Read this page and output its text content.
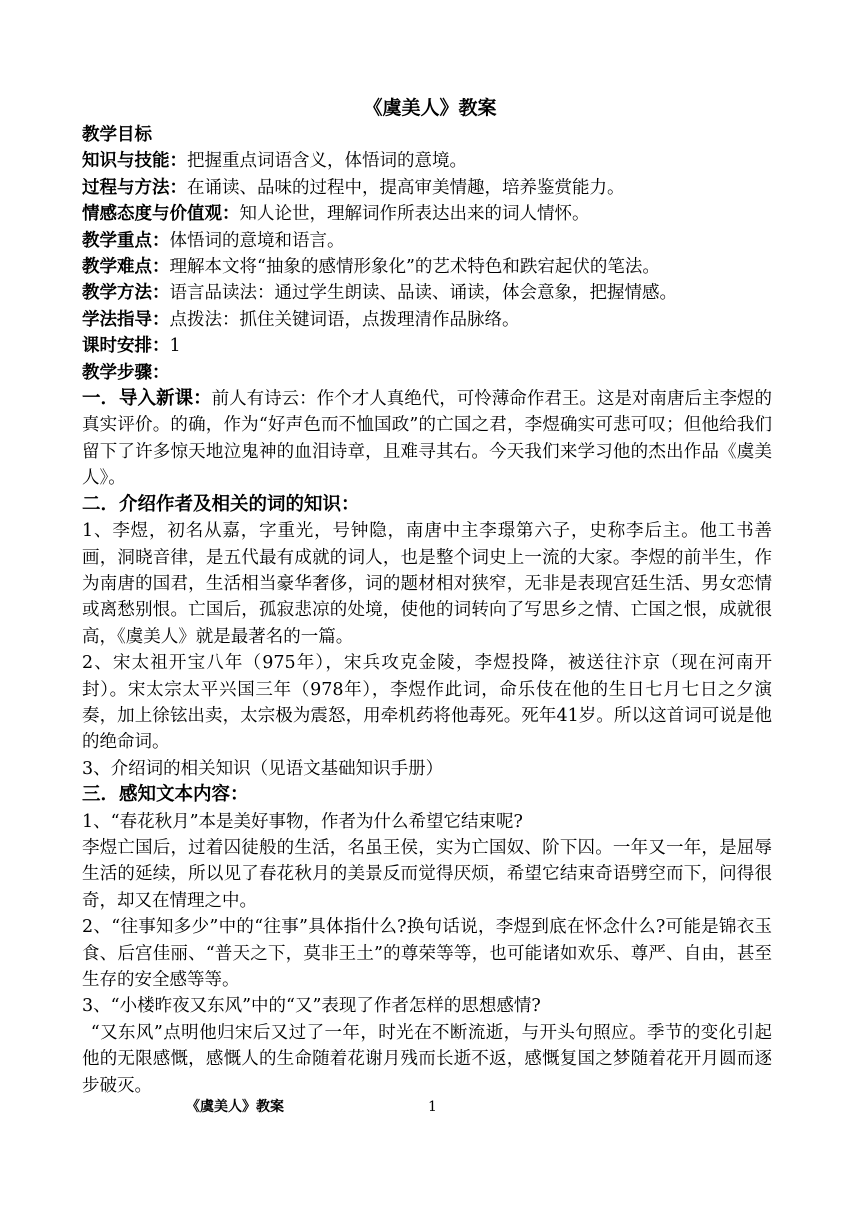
《虞美人》教案

教学目标

知识与技能：把握重点词语含义，体悟词的意境。

过程与方法：在诵读、品味的过程中，提高审美情趣，培养鉴赏能力。

情感态度与价值观：知人论世，理解词作所表达出来的词人情怀。

教学重点：体悟词的意境和语言。

教学难点：理解本文将“抽象的感情形象化”的艺术特色和跌宕起伏的笔法。

教学方法：语言品读法：通过学生朗读、品读、诵读，体会意象，把握情感。

学法指导：点拨法：抓住关键词语，点拨理清作品脉络。

课时安排：1

教学步骤：

一．导入新课：前人有诗云：作个才人真绝代，可怜薄命作君王。这是对南唐后主李煜的真实评价。的确，作为“好声色而不恤国政”的亡国之君，李煜确实可悲可叹；但他给我们留下了许多惊天地泣鬼神的血泪诗章，且难寻其右。今天我们来学习他的杰出作品《虞美人》。

二．介绍作者及相关的词的知识：

1、李煜，初名从嘉，字重光，号钟隐，南唐中主李璟第六子，史称李后主。他工书善画，洞晓音律，是五代最有成就的词人，也是整个词史上一流的大家。李煜的前半生，作为南唐的国君，生活相当豪华奢侈，词的题材相对狭窄，无非是表现宫廷生活、男女恋情或离愁别恨。亡国后，孤寂悲凉的处境，使他的词转向了写思乡之情、亡国之恨，成就很高，《虞美人》就是最著名的一篇。

2、宋太祖开宝八年（975年），宋兵攻克金陵，李煜投降，被送往汴京（现在河南开封）。宋太宗太平兴国三年（978年），李煜作此词，命乐伎在他的生日七月七日之夕演奏，加上徐铉出卖，太宗极为震怒，用牵机药将他毒死。死年41岁。所以这首词可说是他的绝命词。

3、介绍词的相关知识（见语文基础知识手册）

三．感知文本内容：

1、“春花秋月”本是美好事物，作者为什么希望它结束呢?

李煜亡国后，过着囚徒般的生活，名虽王侯，实为亡国奴、阶下囚。一年又一年，是屈辱生活的延续，所以见了春花秋月的美景反而觉得厌烦，希望它结束奇语劈空而下，问得很奇，却又在情理之中。

2、“往事知多少”中的“往事”具体指什么?换句话说，李煜到底在怀念什么?可能是锦衣玉食、后宫佳丽、“普天之下，莫非王土”的尊荣等等，也可能诸如欢乐、尊严、自由，甚至生存的安全感等等。

3、“小楼昨夜又东风”中的“又”表现了作者怎样的思想感情?

“又东风”点明他归宋后又过了一年，时光在不断流逝，与开头句照应。季节的变化引起他的无限感慨，感慨人的生命随着花谢月残而长逝不返，感慨复国之梦随着花开月圆而逐步破灭。

《虞美人》教案	1
